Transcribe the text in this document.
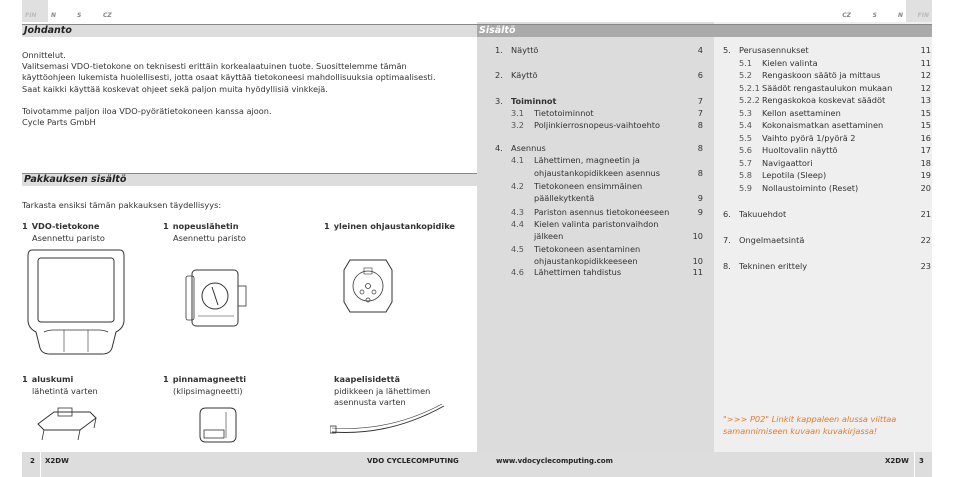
FIN	N	S	CZ	CZ	S	N	FIN
Johdanto	Sisältö
Pakkauksen sisältö

Onnittelut.
Valitsemasi VDO-tietokone on teknisesti erittäin korkealaatuinen tuote. Suosittelemme tämän
käyttöohjeen lukemista huolellisesti, jotta osaat käyttää tietokoneesi mahdollisuuksia optimaalisesti.
Saat kaikki käyttää koskevat ohjeet sekä paljon muita hyödyllisiä vinkkejä.

Toivotamme paljon iloa VDO-pyörätietokoneen kanssa ajoon.
Cycle Parts GmbH

Tarkasta ensiksi tämän pakkauksen täydellisyys:
1 VDO-tietokone
Asennettu paristo
1 nopeuslähetin
Asennettu paristo
1 yleinen ohjaustankopidike
1 aluskumi
lähetintä varten
1 pinnamagneetti
(klipsimagneetti)
kaapelisidettä
pidikkeen ja lähettimen
asennusta varten
1. Näyttö	4
2. Käyttö	6
3. Toiminnot	7
3.1 Tietotoiminnot	7
3.2 Poljinkierrosnopeus-vaihtoehto	8
4. Asennus	8
4.1 Lähettimen, magneetin ja
ohjaustankopidikkeen asennus	8
4.2 Tietokoneen ensimmäinen
päällekytkentä	9
4.3 Pariston asennus tietokoneeseen	9
4.4 Kielen valinta paristonvaihdon
jälkeen	10
4.5 Tietokoneen asentaminen
ohjaustankopidikkeeseen	10
4.6 Lähettimen tahdistus	11
5. Perusasennukset	11
5.1 Kielen valinta	11
5.2 Rengaskoon säätö ja mittaus	12
5.2.1 Säädöt rengastaulukon mukaan	12
5.2.2 Rengaskokoa koskevat säädöt	13
5.3 Kellon asettaminen	15
5.4 Kokonaismatkan asettaminen	15
5.5 Vaihto pyörä 1/pyörä 2	16
5.6 Huoltovalin näyttö	17
5.7 Navigaattori	18
5.8 Lepotila (Sleep)	19
5.9 Nollaustoiminto (Reset)	20
6. Takuuehdot	21
7. Ongelmaetsintä	22
8. Tekninen erittely	23
">>> P02" Linkit kappaleen alussa viittaa
samannimiseen kuvaan kuvakirjassa!
2 X2DW	VDO CYCLECOMPUTING	www.vdocyclecomputing.com	X2DW 3
